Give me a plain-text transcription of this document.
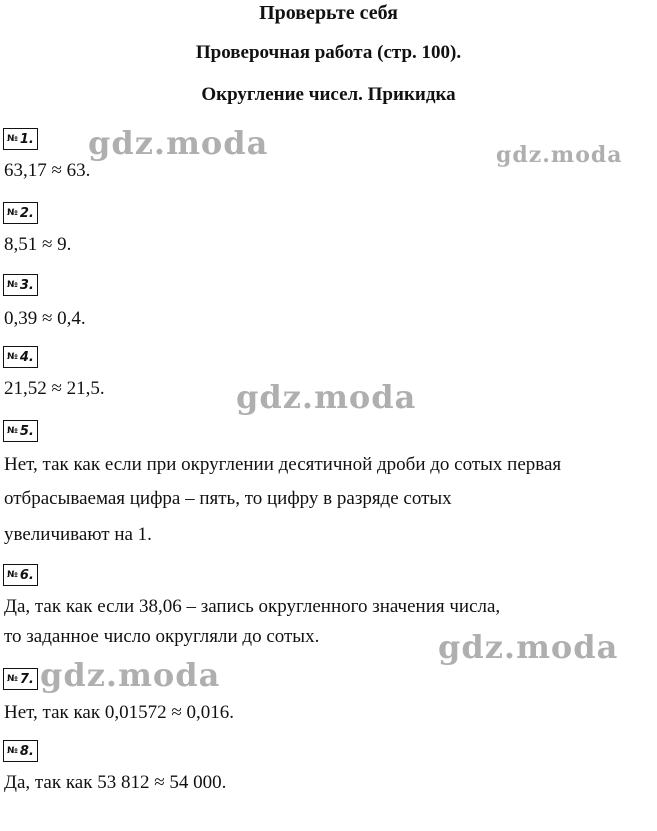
Проверьте себя
Проверочная работа (стр. 100).
Округление чисел. Прикидка
№ 1.
63,17 ≈ 63.
№ 2.
8,51 ≈ 9.
№ 3.
0,39 ≈ 0,4.
№ 4.
21,52 ≈ 21,5.
№ 5.
Нет, так как если при округлении десятичной дроби до сотых первая
отбрасываемая цифра – пять, то цифру в разряде сотых
увеличивают на 1.
№ 6.
Да, так как если 38,06 – запись округленного значения числа,
то заданное число округляли до сотых.
№ 7.
Нет, так как 0,01572 ≈ 0,016.
№ 8.
Да, так как 53 812 ≈ 54 000.
gdz.moda	gdz.moda
gdz.moda
gdz.moda
gdz.moda
